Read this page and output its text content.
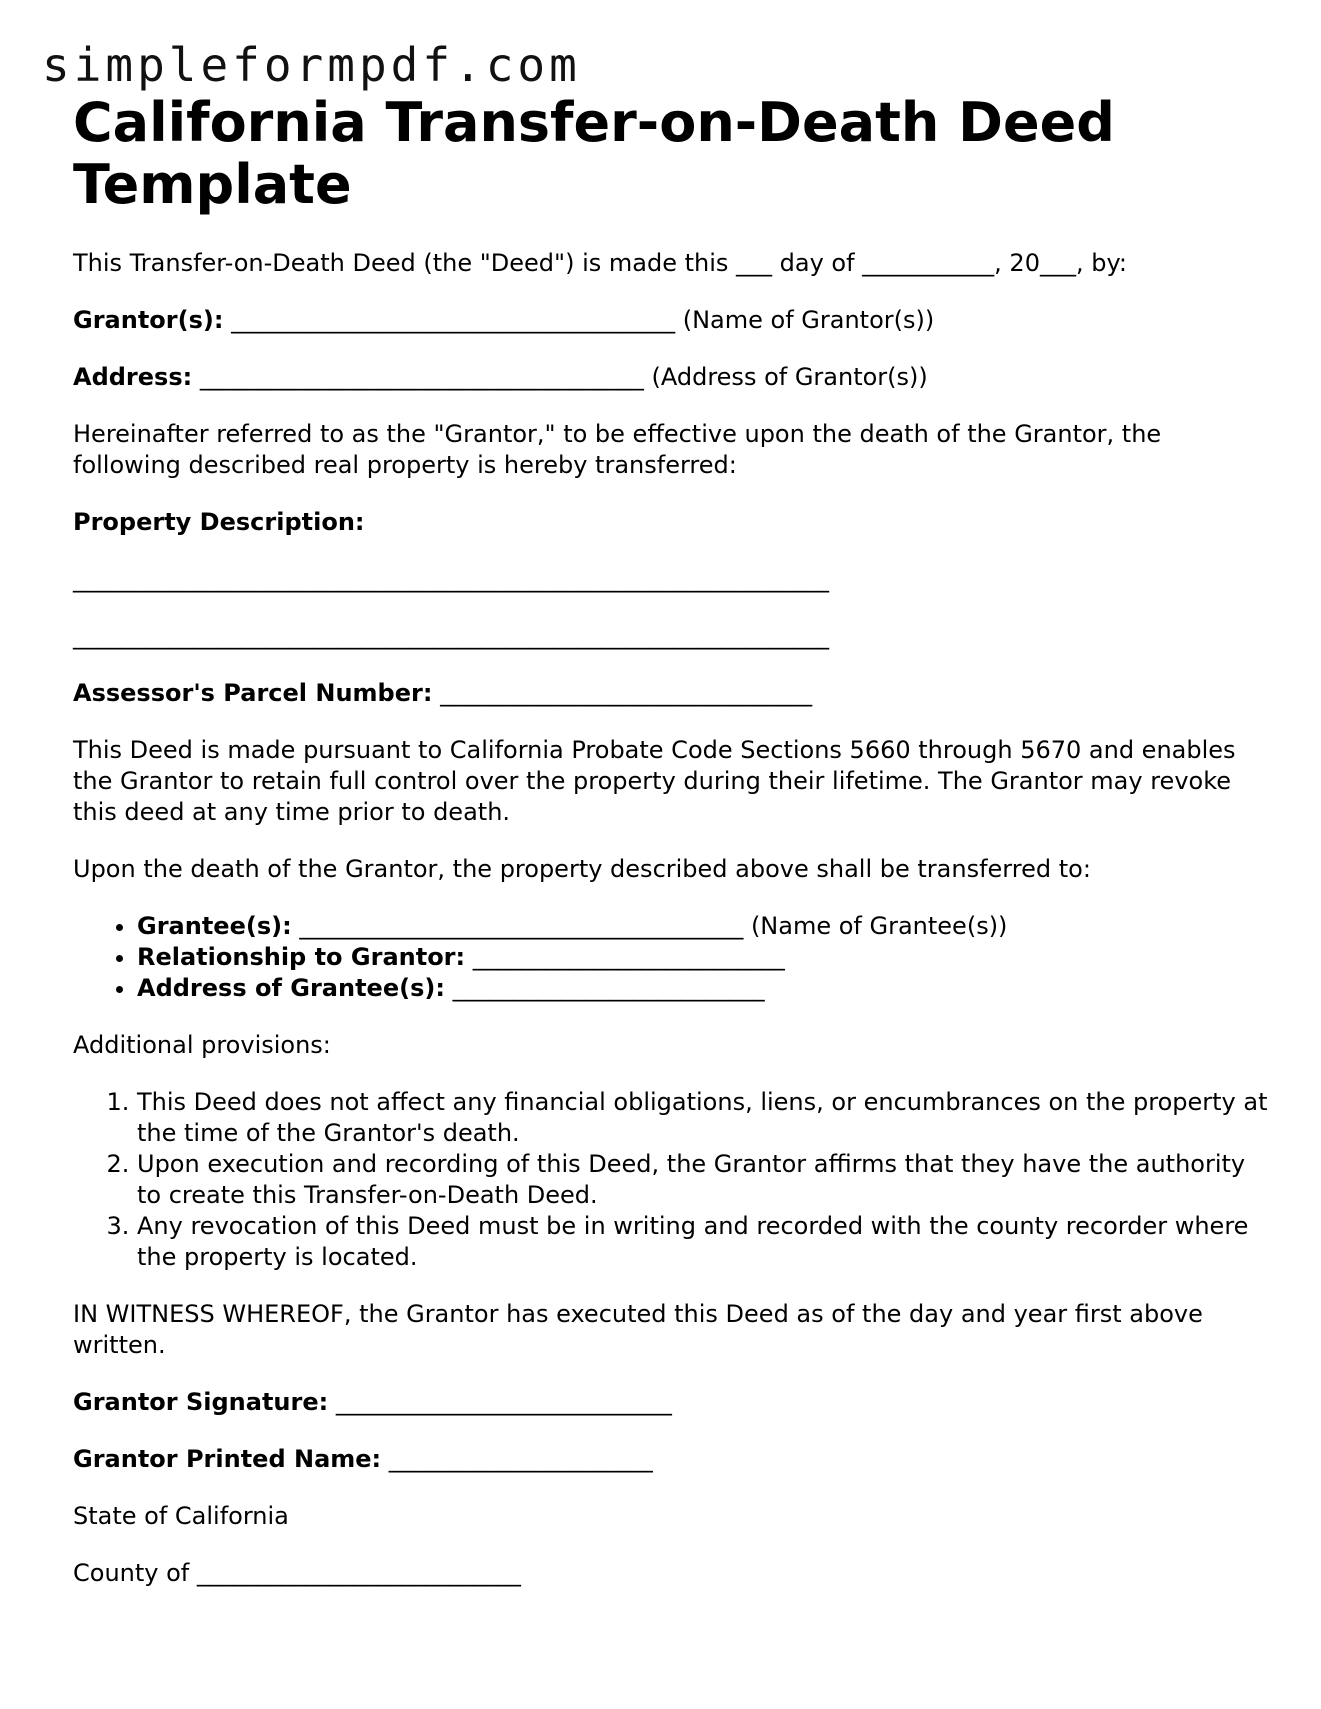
simpleformpdf.com
California Transfer-on-Death Deed Template

This Transfer-on-Death Deed (the "Deed") is made this ___ day of ___________, 20___, by:

Grantor(s): _____________________________________ (Name of Grantor(s))

Address: _____________________________________ (Address of Grantor(s))

Hereinafter referred to as the "Grantor," to be effective upon the death of the Grantor, the following described real property is hereby transferred:

Property Description:

_______________________________________________________________
_______________________________________________________________

Assessor's Parcel Number: _______________________________

This Deed is made pursuant to California Probate Code Sections 5660 through 5670 and enables the Grantor to retain full control over the property during their lifetime. The Grantor may revoke this deed at any time prior to death.

Upon the death of the Grantor, the property described above shall be transferred to:

• Grantee(s): _____________________________________ (Name of Grantee(s))
• Relationship to Grantor: __________________________
• Address of Grantee(s): __________________________

Additional provisions:

1. This Deed does not affect any financial obligations, liens, or encumbrances on the property at the time of the Grantor's death.
2. Upon execution and recording of this Deed, the Grantor affirms that they have the authority to create this Transfer-on-Death Deed.
3. Any revocation of this Deed must be in writing and recorded with the county recorder where the property is located.

IN WITNESS WHEREOF, the Grantor has executed this Deed as of the day and year first above written.

Grantor Signature: ____________________________

Grantor Printed Name: ______________________

State of California

County of ___________________________
